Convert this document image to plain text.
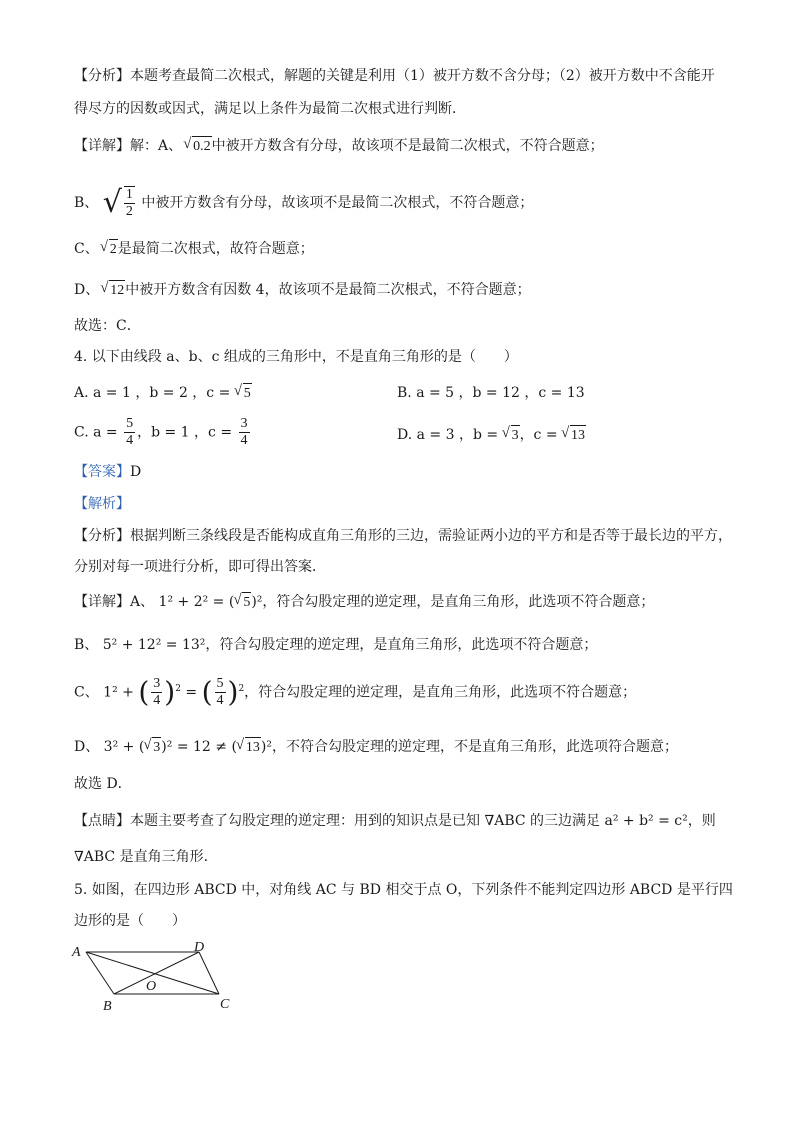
【分析】本题考查最简二次根式，解题的关键是利用（1）被开方数不含分母；（2）被开方数中不含能开
得尽方的因数或因式，满足以上条件为最简二次根式进行判断．
【详解】解：A、 √ 0.2中被开方数含有分母，故该项不是最简二次根式，不符合题意；
B、 √ $\frac{1}{2}$ 中被开方数含有分母，故该项不是最简二次根式，不符合题意；
C、 √ 2是最简二次根式，故符合题意；
D、 √ 12中被开方数含有因数 4，故该项不是最简二次根式，不符合题意；
故选：C．
4. 以下由线段 a、b、c 组成的三角形中，不是直角三角形的是（　　）
A. a = 1 ，b = 2 ，c = √ 5	B. a = 5 ，b = 12 ，c = 13
C. $a = \frac{5}{4}$ ，b = 1 ，$c = \frac{3}{4}$	D. a = 3 ，b = √ 3，c = √ 13
【答案】D
【解析】
【分析】根据判断三条线段是否能构成直角三角形的三边，需验证两小边的平方和是否等于最长边的平方，
分别对每一项进行分析，即可得出答案．
【详解】A、 1² + 2² = ( √ 5)²，符合勾股定理的逆定理，是直角三角形，此选项不符合题意；
B、 5² + 12² = 13²，符合勾股定理的逆定理，是直角三角形，此选项不符合题意；
C、 1² + ( $\frac{3}{4} )^2$ = ( $\frac{5}{4} )^2$，符合勾股定理的逆定理，是直角三角形，此选项不符合题意；
D、 3² + ( √ 3)² = 12 ≠ ( √ 13)²，不符合勾股定理的逆定理，不是直角三角形，此选项符合题意；
故选 D．
【点睛】本题主要考查了勾股定理的逆定理：用到的知识点是已知 ∇ABC 的三边满足 a² + b² = c²，则
∇ABC 是直角三角形．
5. 如图，在四边形 ABCD 中，对角线 AC 与 BD 相交于点 O，下列条件不能判定四边形 ABCD 是平行四
边形的是（　　）
A
B	C
D
O
